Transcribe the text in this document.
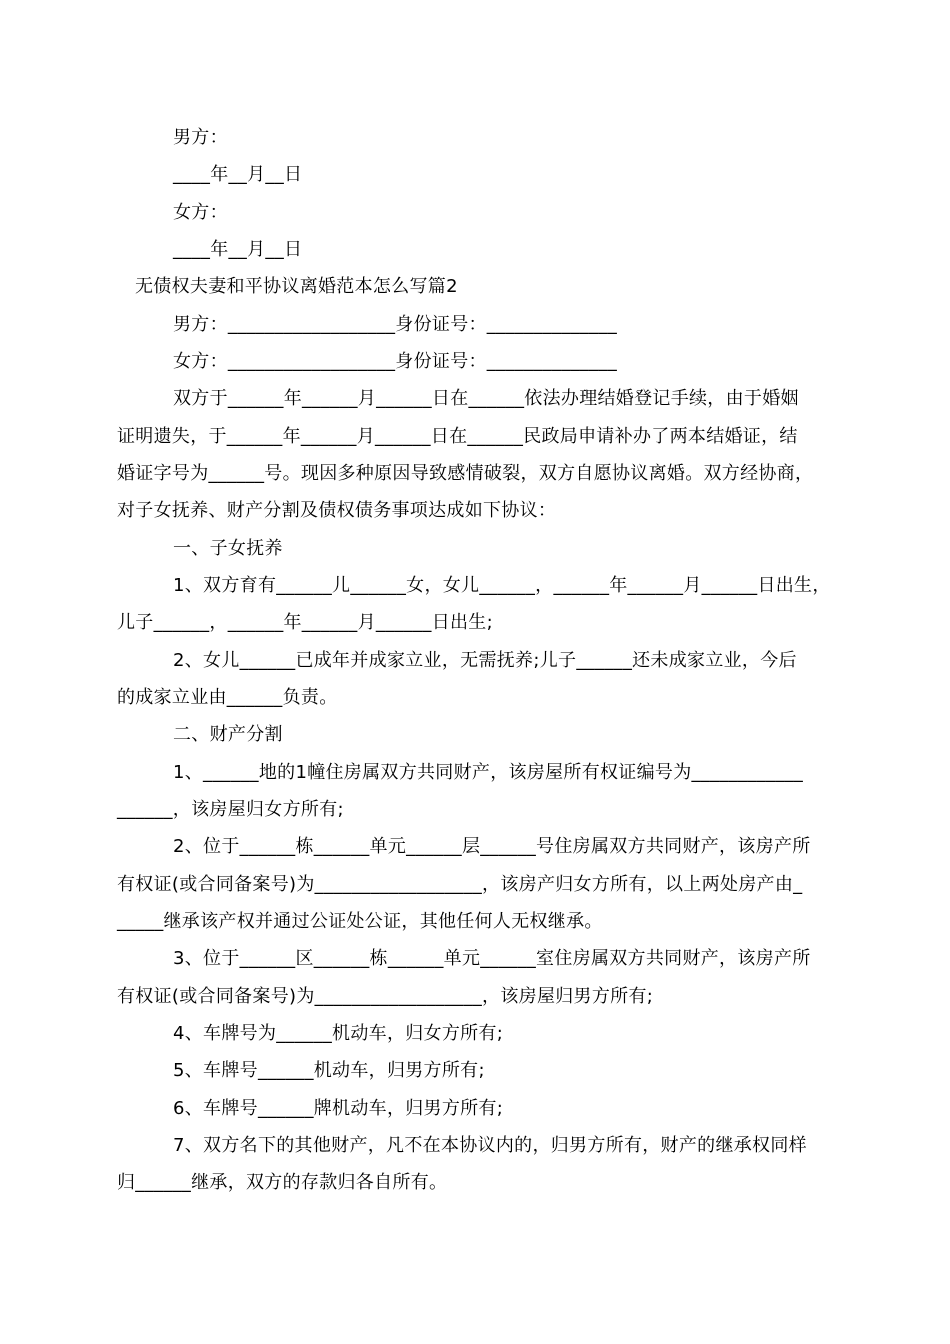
男方：
____年__月__日
女方：
____年__月__日
无债权夫妻和平协议离婚范本怎么写篇2
男方：__________________身份证号：______________
女方：__________________身份证号：______________
双方于______年______月______日在______依法办理结婚登记手续，由于婚姻
证明遗失，于______年______月______日在______民政局申请补办了两本结婚证，结
婚证字号为______号。现因多种原因导致感情破裂，双方自愿协议离婚。双方经协商，
对子女抚养、财产分割及债权债务事项达成如下协议：
一、子女抚养
1、双方育有______儿______女，女儿______，______年______月______日出生，
儿子______，______年______月______日出生;
2、女儿______已成年并成家立业，无需抚养;儿子______还未成家立业，今后
的成家立业由______负责。
二、财产分割
1、______地的1幢住房属双方共同财产，该房屋所有权证编号为____________
______，该房屋归女方所有;
2、位于______栋______单元______层______号住房属双方共同财产，该房产所
有权证(或合同备案号)为__________________，该房产归女方所有，以上两处房产由_
_____继承该产权并通过公证处公证，其他任何人无权继承。
3、位于______区______栋______单元______室住房属双方共同财产，该房产所
有权证(或合同备案号)为__________________，该房屋归男方所有;
4、车牌号为______机动车，归女方所有;
5、车牌号______机动车，归男方所有;
6、车牌号______牌机动车，归男方所有;
7、双方名下的其他财产，凡不在本协议内的，归男方所有，财产的继承权同样
归______继承，双方的存款归各自所有。
